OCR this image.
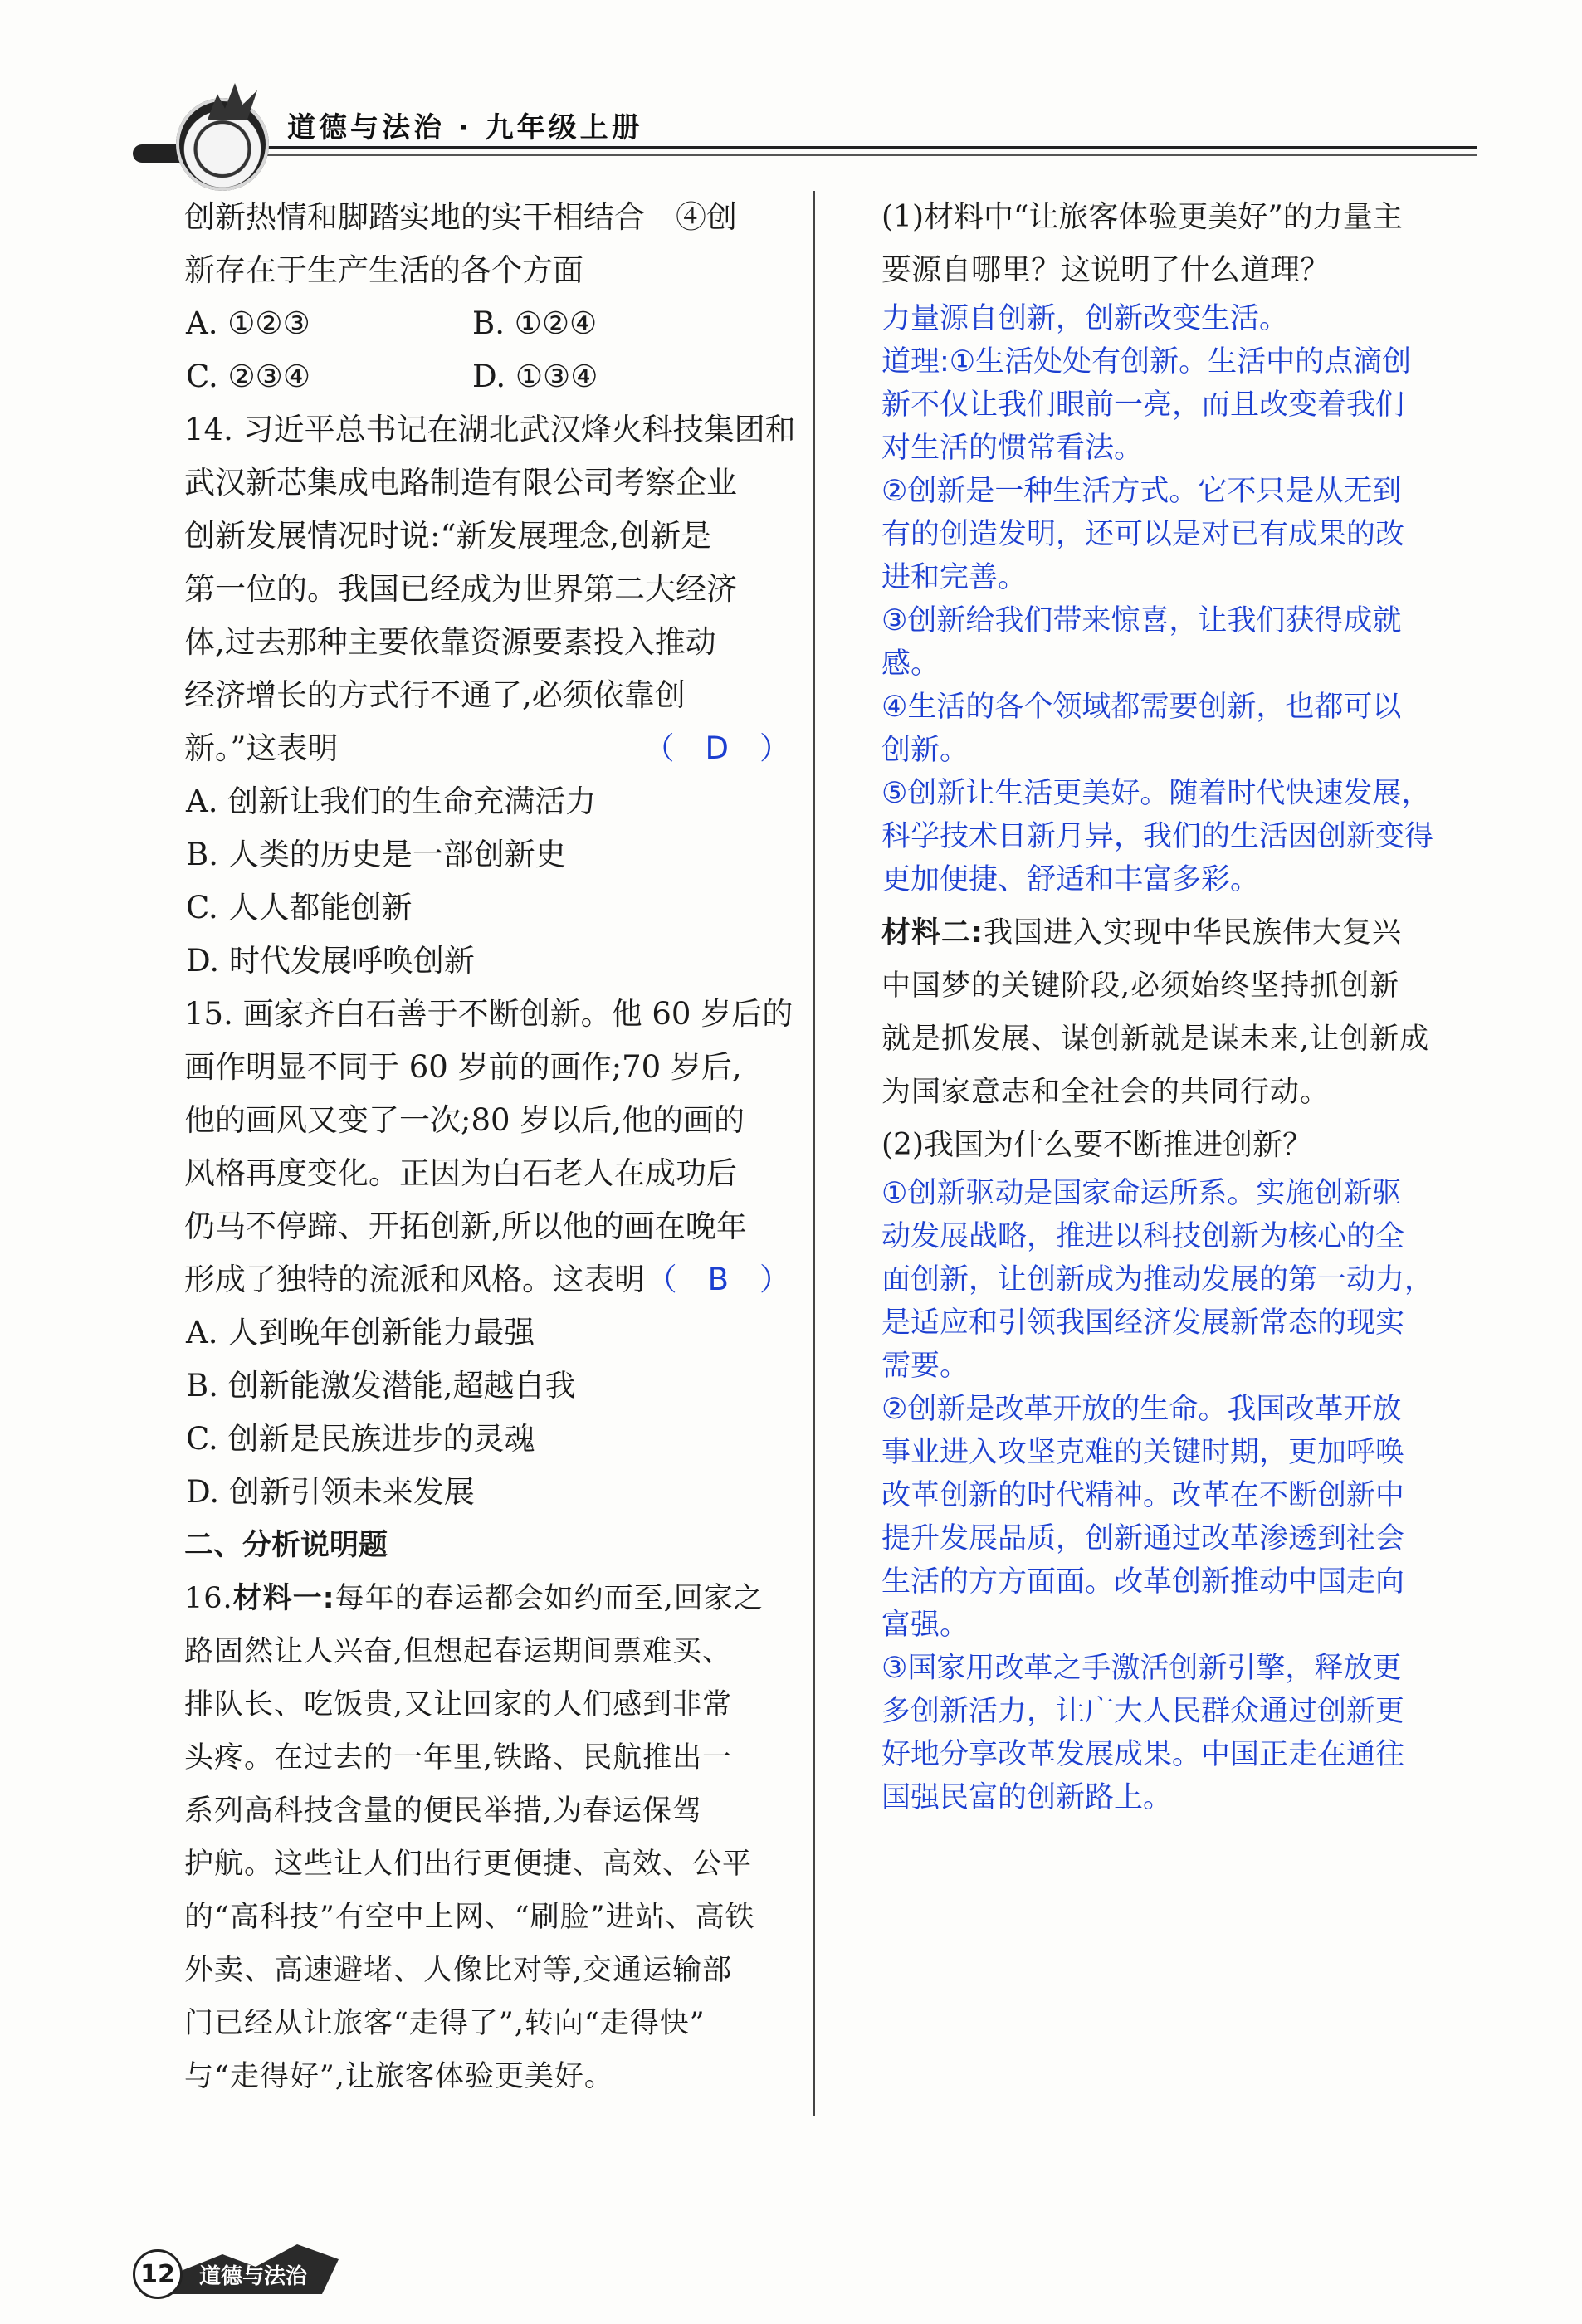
道德与法治 · 九年级上册
创新热情和脚踏实地的实干相结合　④创
新存在于生产生活的各个方面
A. ①②③	B. ①②④
C. ②③④	D. ①③④
14. 习近平总书记在湖北武汉烽火科技集团和
武汉新芯集成电路制造有限公司考察企业
创新发展情况时说:“新发展理念,创新是
第一位的。我国已经成为世界第二大经济
体,过去那种主要依靠资源要素投入推动
经济增长的方式行不通了,必须依靠创
新。”这表明	（　D　）
A. 创新让我们的生命充满活力
B. 人类的历史是一部创新史
C. 人人都能创新
D. 时代发展呼唤创新
15. 画家齐白石善于不断创新。他 60 岁后的
画作明显不同于 60 岁前的画作;70 岁后,
他的画风又变了一次;80 岁以后,他的画的
风格再度变化。正因为白石老人在成功后
仍马不停蹄、开拓创新,所以他的画在晚年
形成了独特的流派和风格。这表明 （　B　）
A. 人到晚年创新能力最强
B. 创新能激发潜能,超越自我
C. 创新是民族进步的灵魂
D. 创新引领未来发展
二、分析说明题
16.材料一:每年的春运都会如约而至,回家之
路固然让人兴奋,但想起春运期间票难买、
排队长、吃饭贵,又让回家的人们感到非常
头疼。在过去的一年里,铁路、民航推出一
系列高科技含量的便民举措,为春运保驾
护航。这些让人们出行更便捷、高效、公平
的“高科技”有空中上网、“刷脸”进站、高铁
外卖、高速避堵、人像比对等,交通运输部
门已经从让旅客“走得了”,转向“走得快”
与“走得好”,让旅客体验更美好。
(1)材料中“让旅客体验更美好”的力量主
要源自哪里？这说明了什么道理？
力量源自创新，创新改变生活。
道理:①生活处处有创新。生活中的点滴创
新不仅让我们眼前一亮，而且改变着我们
对生活的惯常看法。
②创新是一种生活方式。它不只是从无到
有的创造发明，还可以是对已有成果的改
进和完善。
③创新给我们带来惊喜，让我们获得成就
感。
④生活的各个领域都需要创新，也都可以
创新。
⑤创新让生活更美好。随着时代快速发展，
科学技术日新月异，我们的生活因创新变得
更加便捷、舒适和丰富多彩。
材料二:我国进入实现中华民族伟大复兴
中国梦的关键阶段,必须始终坚持抓创新
就是抓发展、谋创新就是谋未来,让创新成
为国家意志和全社会的共同行动。
(2)我国为什么要不断推进创新？
①创新驱动是国家命运所系。实施创新驱
动发展战略，推进以科技创新为核心的全
面创新，让创新成为推动发展的第一动力，
是适应和引领我国经济发展新常态的现实
需要。
②创新是改革开放的生命。我国改革开放
事业进入攻坚克难的关键时期，更加呼唤
改革创新的时代精神。改革在不断创新中
提升发展品质，创新通过改革渗透到社会
生活的方方面面。改革创新推动中国走向
富强。
③国家用改革之手激活创新引擎，释放更
多创新活力，让广大人民群众通过创新更
好地分享改革发展成果。中国正走在通往
国强民富的创新路上。
道德与法治
12
